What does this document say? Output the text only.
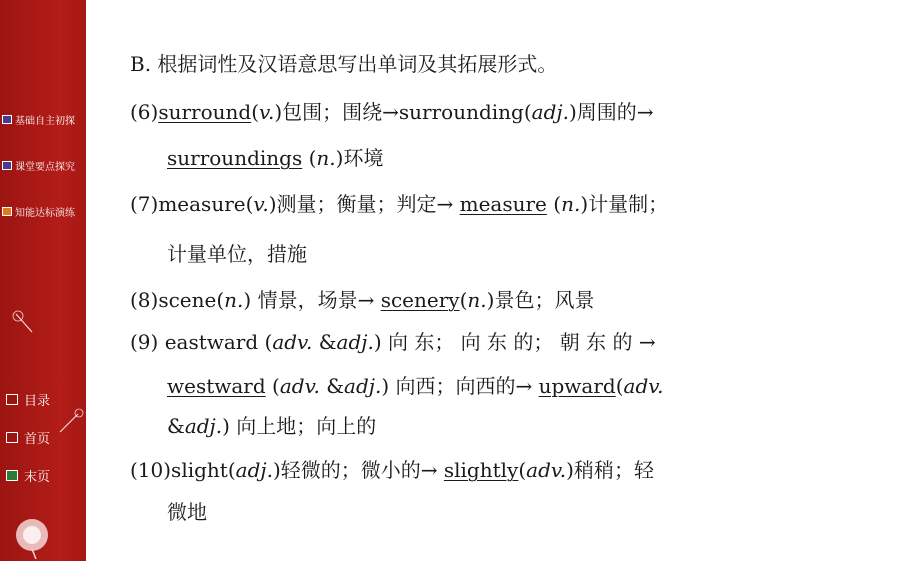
基础自主初探
课堂要点探究
知能达标演练
目录
首页
末页
B. 根据词性及汉语意思写出单词及其拓展形式。
(6)surround(v.)包围；围绕→surrounding(adj.)周围的→
surroundings (n.)环境
(7)measure(v.)测量；衡量；判定→ measure (n.)计量制；
计量单位，措施
(8)scene(n.) 情景，场景→ scenery(n.)景色；风景
(9) eastward (adv. &adj.) 向 东； 向 东 的； 朝 东 的 →
westward (adv. &adj.) 向西；向西的→ upward(adv.
&adj.) 向上地；向上的
(10)slight(adj.)轻微的；微小的→ slightly(adv.)稍稍；轻
微地
